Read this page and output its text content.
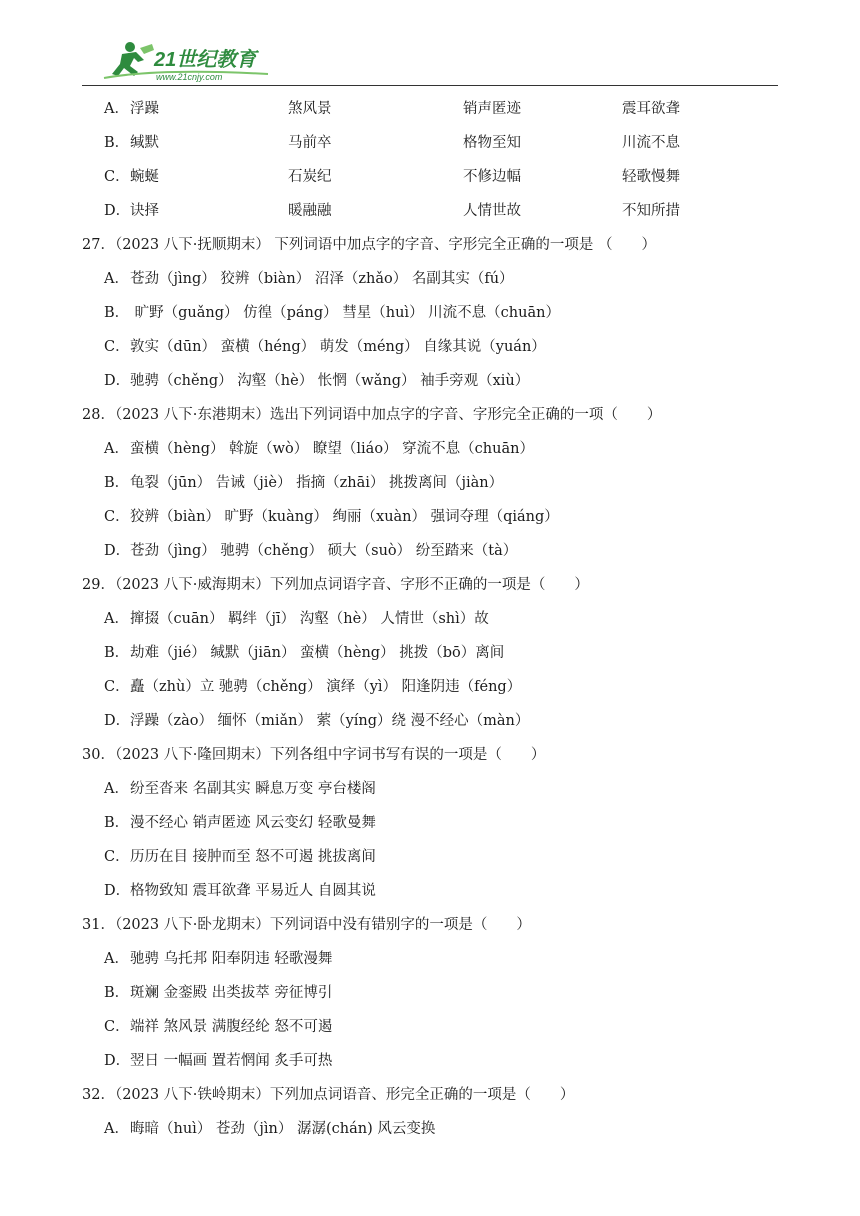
21世纪教育
www.21cnjy.com
A． 浮躁	煞风景	销声匿迹	震耳欲聋
B． 缄默	马前卒	格物至知	川流不息
C． 蜿蜒	石炭纪	不修边幅	轻歌慢舞
D． 诀择	暖融融	人情世故	不知所措
27．（2023 八下·抚顺期末） 下列词语中加点字的字音、字形完全正确的一项是 （　　）
A．苍劲（jìng） 狡辨（biàn） 沼泽（zhǎo） 名副其实（fú）
B． 旷野（guǎng） 仿徨（páng） 彗星（huì） 川流不息（chuān）
C．敦实（dūn） 蛮横（héng） 萌发（méng） 自缘其说（yuán）
D．驰骋（chěng） 沟壑（hè） 怅惘（wǎng） 袖手旁观（xiù）
28．（2023 八下·东港期末）选出下列词语中加点字的字音、字形完全正确的一项（　　）
A．蛮横（hèng） 斡旋（wò） 瞭望（liáo） 穿流不息（chuān）
B．龟裂（jūn） 告诫（jiè） 指摘（zhāi） 挑拨离间（jiàn）
C．狡辨（biàn） 旷野（kuàng） 绚丽（xuàn） 强词夺理（qiáng）
D．苍劲（jìng） 驰骋（chěng） 硕大（suò） 纷至踏来（tà）
29．（2023 八下·威海期末）下列加点词语字音、字形不正确的一项是（　　）
A．撺掇（cuān） 羁绊（jī） 沟壑（hè） 人情世（shì）故
B．劫难（jié） 缄默（jiān） 蛮横（hèng） 挑拨（bō）离间
C．矗（zhù）立 驰骋（chěng） 演绎（yì） 阳逢阴违（féng）
D．浮躁（zào） 缅怀（miǎn） 萦（yíng）绕 漫不经心（màn）
30．（2023 八下·隆回期末）下列各组中字词书写有误的一项是（　　）
A．纷至沓来 名副其实 瞬息万变 亭台楼阁
B．漫不经心 销声匿迹 风云变幻 轻歌曼舞
C．历历在目 接肿而至 怒不可遏 挑拔离间
D．格物致知 震耳欲聋 平易近人 自圆其说
31．（2023 八下·卧龙期末）下列词语中没有错别字的一项是（　　）
A．驰骋 乌托邦 阳奉阴违 轻歌漫舞
B．斑斓 金銮殿 出类拔萃 旁征博引
C．端祥 煞风景 满腹经纶 怒不可遏
D．翌日 一幅画 置若惘闻 炙手可热
32．（2023 八下·铁岭期末）下列加点词语音、形完全正确的一项是（　　）
A．晦暗（huì） 苍劲（jìn） 潺潺(chán) 风云变换
